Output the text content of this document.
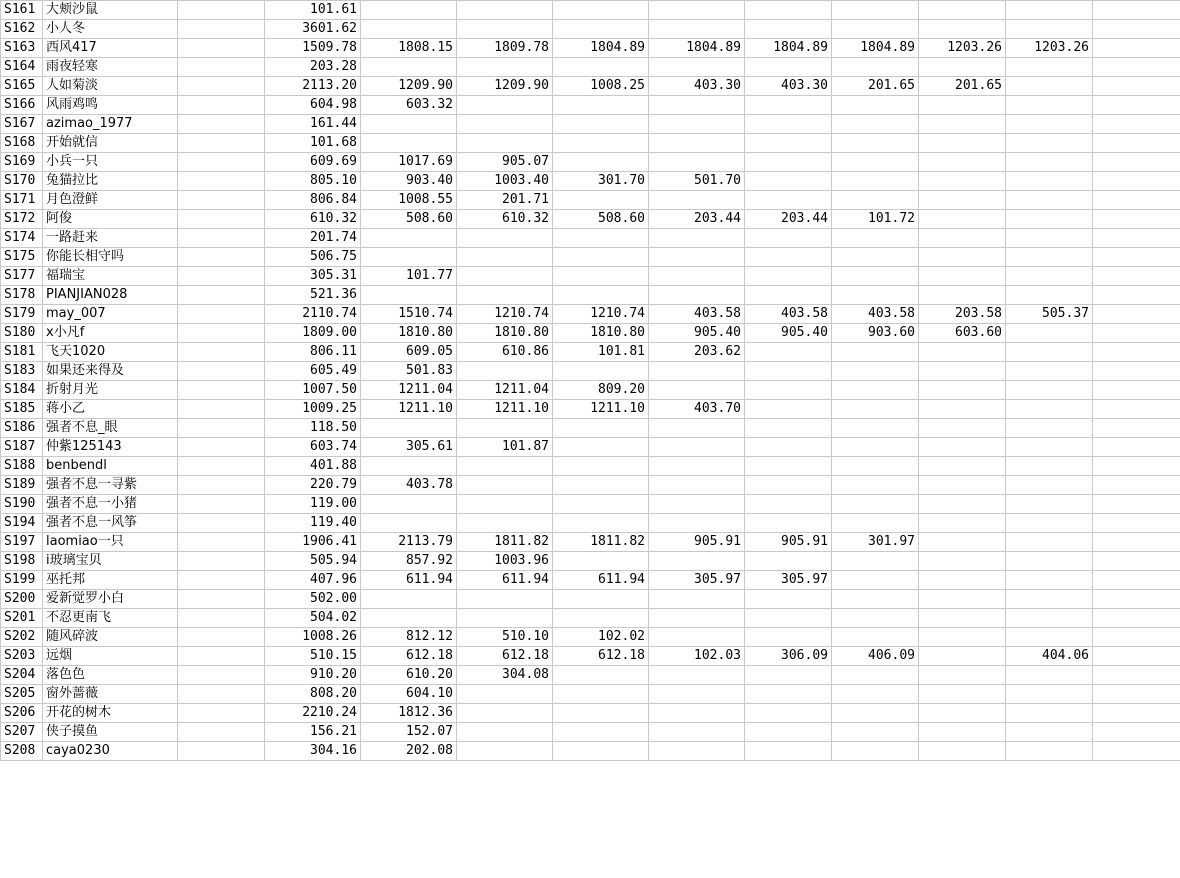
S161	大颊沙鼠		101.61										
S162	小人冬		3601.62										
S163	西风417		1509.78	1808.15	1809.78	1804.89	1804.89	1804.89	1804.89	1203.26	1203.26		
S164	雨夜轻寒		203.28										
S165	人如菊淡		2113.20	1209.90	1209.90	1008.25	403.30	403.30	201.65	201.65			
S166	风雨鸡鸣		604.98	603.32									
S167	azimao_1977		161.44										
S168	开始就信		101.68										
S169	小兵一只		609.69	1017.69	905.07								
S170	兔猫拉比		805.10	903.40	1003.40	301.70	501.70						
S171	月色澄鲜		806.84	1008.55	201.71								
S172	阿俊		610.32	508.60	610.32	508.60	203.44	203.44	101.72				
S174	一路赶来		201.74										
S175	你能长相守吗		506.75										
S177	福瑞宝		305.31	101.77									
S178	PIANJIAN028		521.36										
S179	may_007		2110.74	1510.74	1210.74	1210.74	403.58	403.58	403.58	203.58	505.37		
S180	x小凡f		1809.00	1810.80	1810.80	1810.80	905.40	905.40	903.60	603.60			
S181	飞天1020		806.11	609.05	610.86	101.81	203.62						
S183	如果还来得及		605.49	501.83									
S184	折射月光		1007.50	1211.04	1211.04	809.20							
S185	蒋小乙		1009.25	1211.10	1211.10	1211.10	403.70						
S186	强者不息_眼		118.50										
S187	仲紫125143		603.74	305.61	101.87								
S188	benbendl		401.88										
S189	强者不息一寻紫		220.79	403.78									
S190	强者不息一小猪		119.00										
S194	强者不息一风筝		119.40										
S197	laomiao一只		1906.41	2113.79	1811.82	1811.82	905.91	905.91	301.97				
S198	i玻璃宝贝		505.94	857.92	1003.96								
S199	巫托邦		407.96	611.94	611.94	611.94	305.97	305.97					
S200	爱新觉罗小白		502.00										
S201	不忍更南飞		504.02										
S202	随风碎波		1008.26	812.12	510.10	102.02							
S203	远烟		510.15	612.18	612.18	612.18	102.03	306.09	406.09		404.06		
S204	落色色		910.20	610.20	304.08								
S205	窗外蔷薇		808.20	604.10									
S206	开花的树木		2210.24	1812.36									
S207	侠子摸鱼		156.21	152.07									
S208	caya0230		304.16	202.08									
